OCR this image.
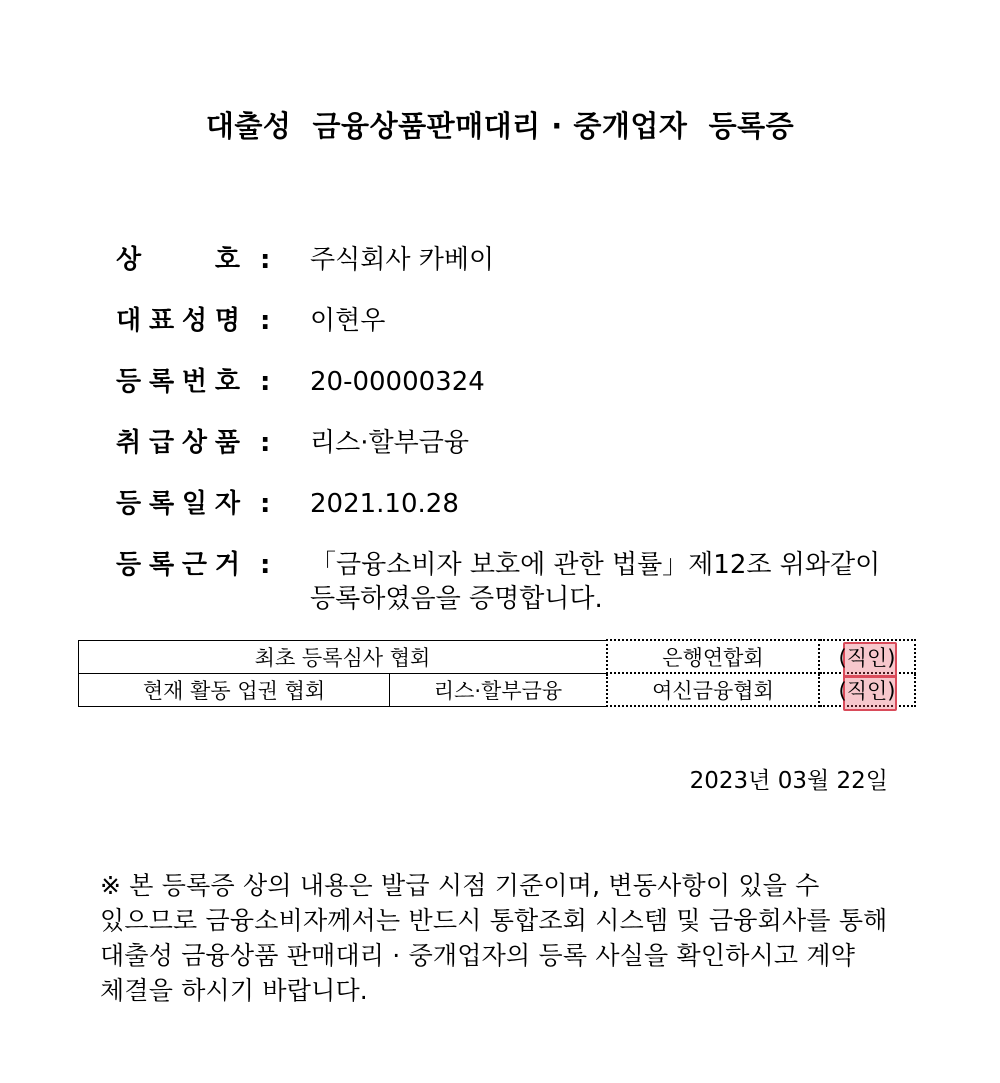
대출성  금융상품판매대리 · 중개업자  등록증
상	호 :	주식회사 카베이
대 표 성 명 :	이현우
등 록 번 호 :	20-00000324
취 급 상 품 :	리스·할부금융
등 록 일 자 :	2021.10.28
등 록 근 거 :	「금융소비자 보호에 관한 법률」제12조 위와같이 등록하였음을 증명합니다.
최초 등록심사 협회		은행연합회	(직인)
현재 활동 업권 협회	리스·할부금융	여신금융협회	(직인)
2023년 03월 22일
※ 본 등록증 상의 내용은 발급 시점 기준이며, 변동사항이 있을 수 있으므로 금융소비자께서는 반드시 통합조회 시스템 및 금융회사를 통해 대출성 금융상품 판매대리 · 중개업자의 등록 사실을 확인하시고 계약 체결을 하시기 바랍니다.
